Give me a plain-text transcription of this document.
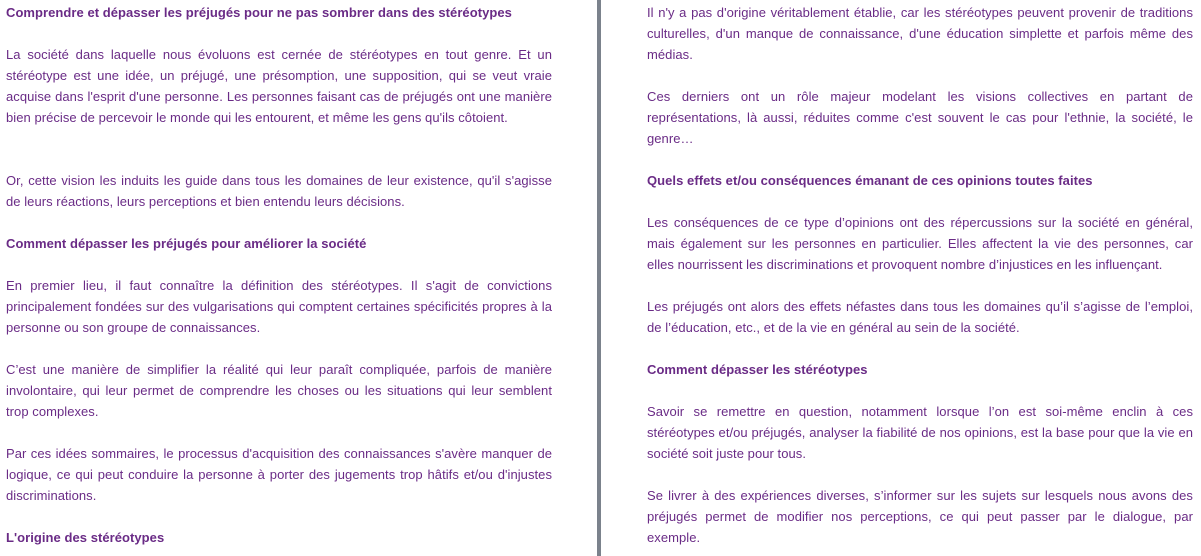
Comprendre et dépasser les préjugés pour ne pas sombrer dans des stéréotypes

La société dans laquelle nous évoluons est cernée de stéréotypes en tout genre. Et un stéréotype est une idée, un préjugé, une présomption, une supposition, qui se veut vraie acquise dans l'esprit d'une personne. Les personnes faisant cas de préjugés ont une manière bien précise de percevoir le monde qui les entourent, et même les gens qu'ils côtoient.

Or, cette vision les induits les guide dans tous les domaines de leur existence, qu'il s'agisse de leurs réactions, leurs perceptions et bien entendu leurs décisions.

Comment dépasser les préjugés pour améliorer la société

En premier lieu, il faut connaître la définition des stéréotypes. Il s'agit de convictions principalement fondées sur des vulgarisations qui comptent certaines spécificités propres à la personne ou son groupe de connaissances.

C’est une manière de simplifier la réalité qui leur paraît compliquée, parfois de manière involontaire, qui leur permet de comprendre les choses ou les situations qui leur semblent trop complexes.

Par ces idées sommaires, le processus d'acquisition des connaissances s'avère manquer de logique, ce qui peut conduire la personne à porter des jugements trop hâtifs et/ou d'injustes discriminations.

L'origine des stéréotypes

Il n'y a pas d'origine véritablement établie, car les stéréotypes peuvent provenir de traditions culturelles, d'un manque de connaissance, d'une éducation simplette et parfois même des médias.

Ces derniers ont un rôle majeur modelant les visions collectives en partant de représentations, là aussi, réduites comme c'est souvent le cas pour l'ethnie, la société, le genre…

Quels effets et/ou conséquences émanant de ces opinions toutes faites

Les conséquences de ce type d’opinions ont des répercussions sur la société en général, mais également sur les personnes en particulier. Elles affectent la vie des personnes, car elles nourrissent les discriminations et provoquent nombre d’injustices en les influençant.

Les préjugés ont alors des effets néfastes dans tous les domaines qu’il s’agisse de l’emploi, de l’éducation, etc., et de la vie en général au sein de la société.

Comment dépasser les stéréotypes

Savoir se remettre en question, notamment lorsque l’on est soi-même enclin à ces stéréotypes et/ou préjugés, analyser la fiabilité de nos opinions, est la base pour que la vie en société soit juste pour tous.

Se livrer à des expériences diverses, s’informer sur les sujets sur lesquels nous avons des préjugés permet de modifier nos perceptions, ce qui peut passer par le dialogue, par exemple.
